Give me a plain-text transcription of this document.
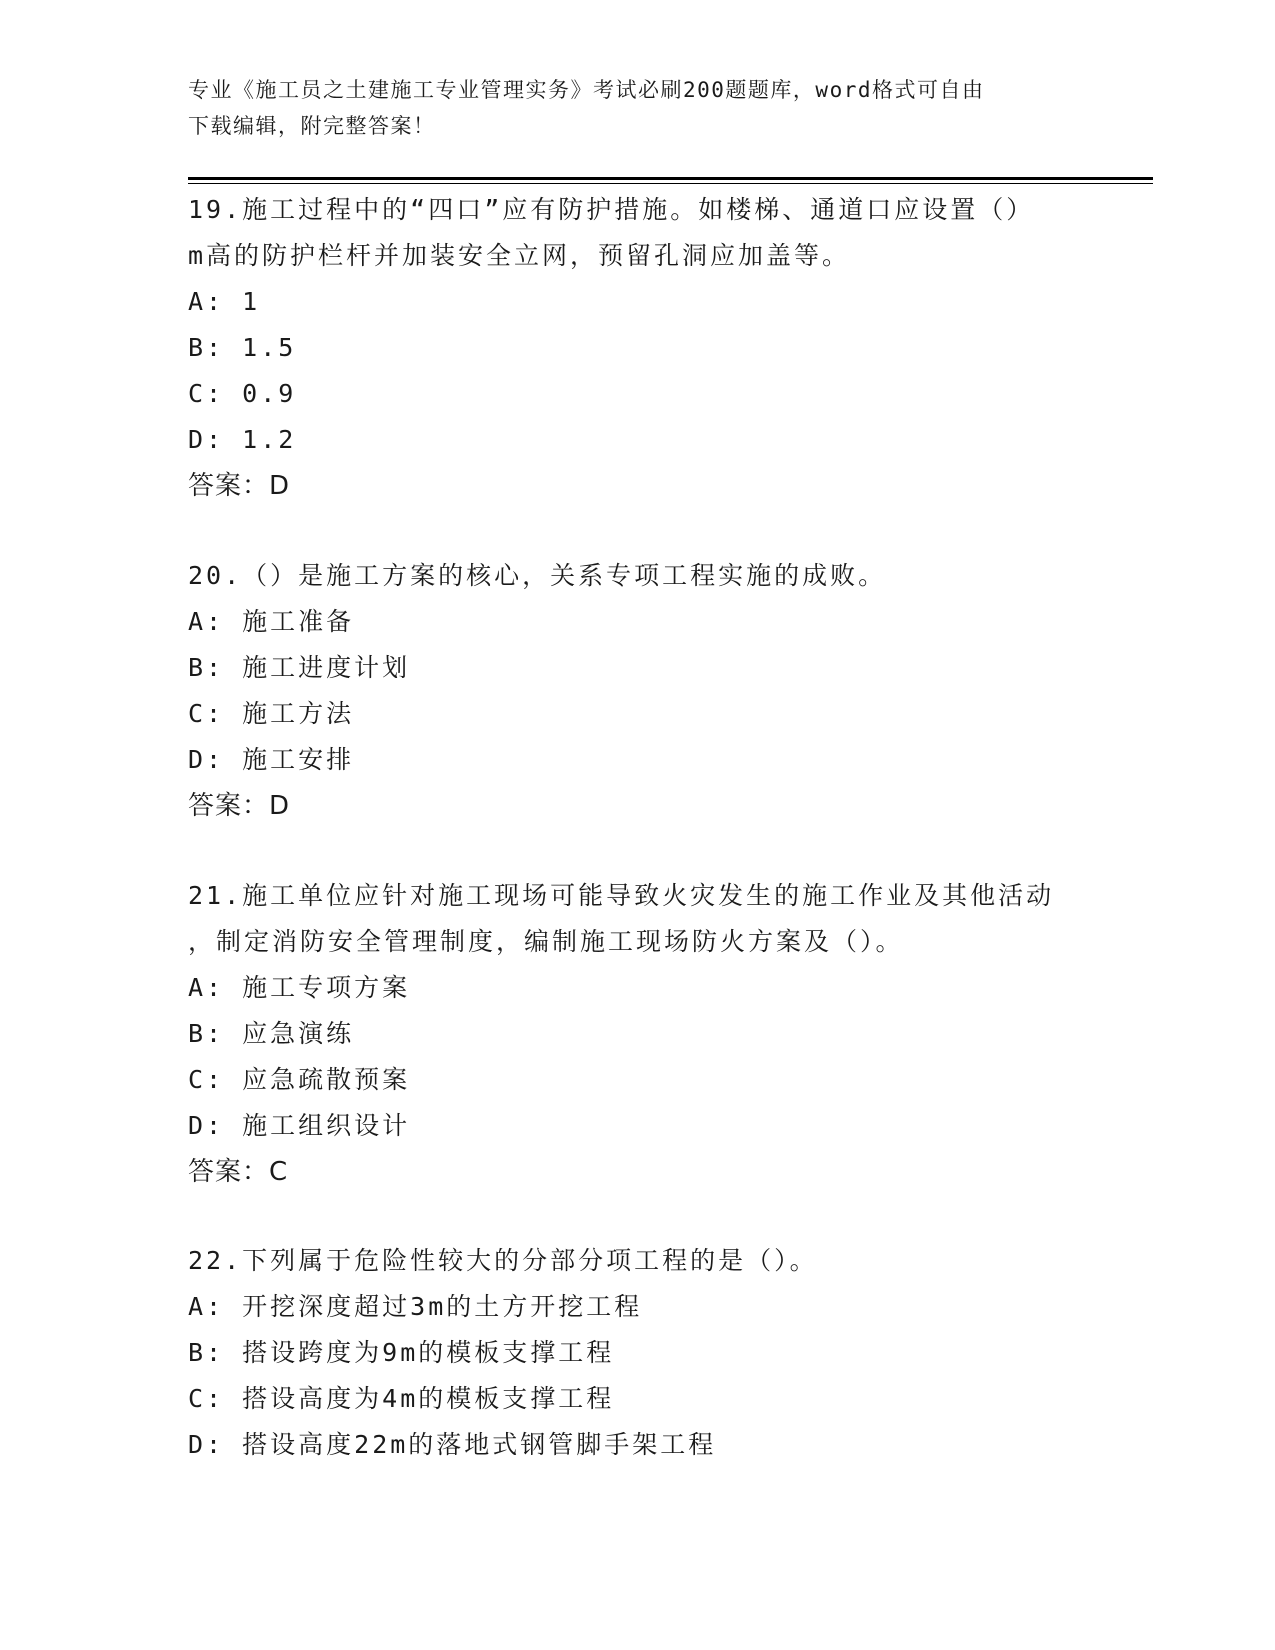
专业《施工员之土建施工专业管理实务》考试必刷200题题库，word格式可自由
下载编辑，附完整答案！

19.施工过程中的“四口”应有防护措施。如楼梯、通道口应设置（）

m高的防护栏杆并加装安全立网，预留孔洞应加盖等。

A: 1

B: 1.5

C: 0.9

D: 1.2

答案：D

20.（）是施工方案的核心，关系专项工程实施的成败。

A: 施工准备

B: 施工进度计划

C: 施工方法

D: 施工安排

答案：D

21.施工单位应针对施工现场可能导致火灾发生的施工作业及其他活动

，制定消防安全管理制度，编制施工现场防火方案及（）。

A: 施工专项方案

B: 应急演练

C: 应急疏散预案

D: 施工组织设计

答案：C

22.下列属于危险性较大的分部分项工程的是（）。

A: 开挖深度超过3m的土方开挖工程

B: 搭设跨度为9m的模板支撑工程

C: 搭设高度为4m的模板支撑工程

D: 搭设高度22m的落地式钢管脚手架工程
